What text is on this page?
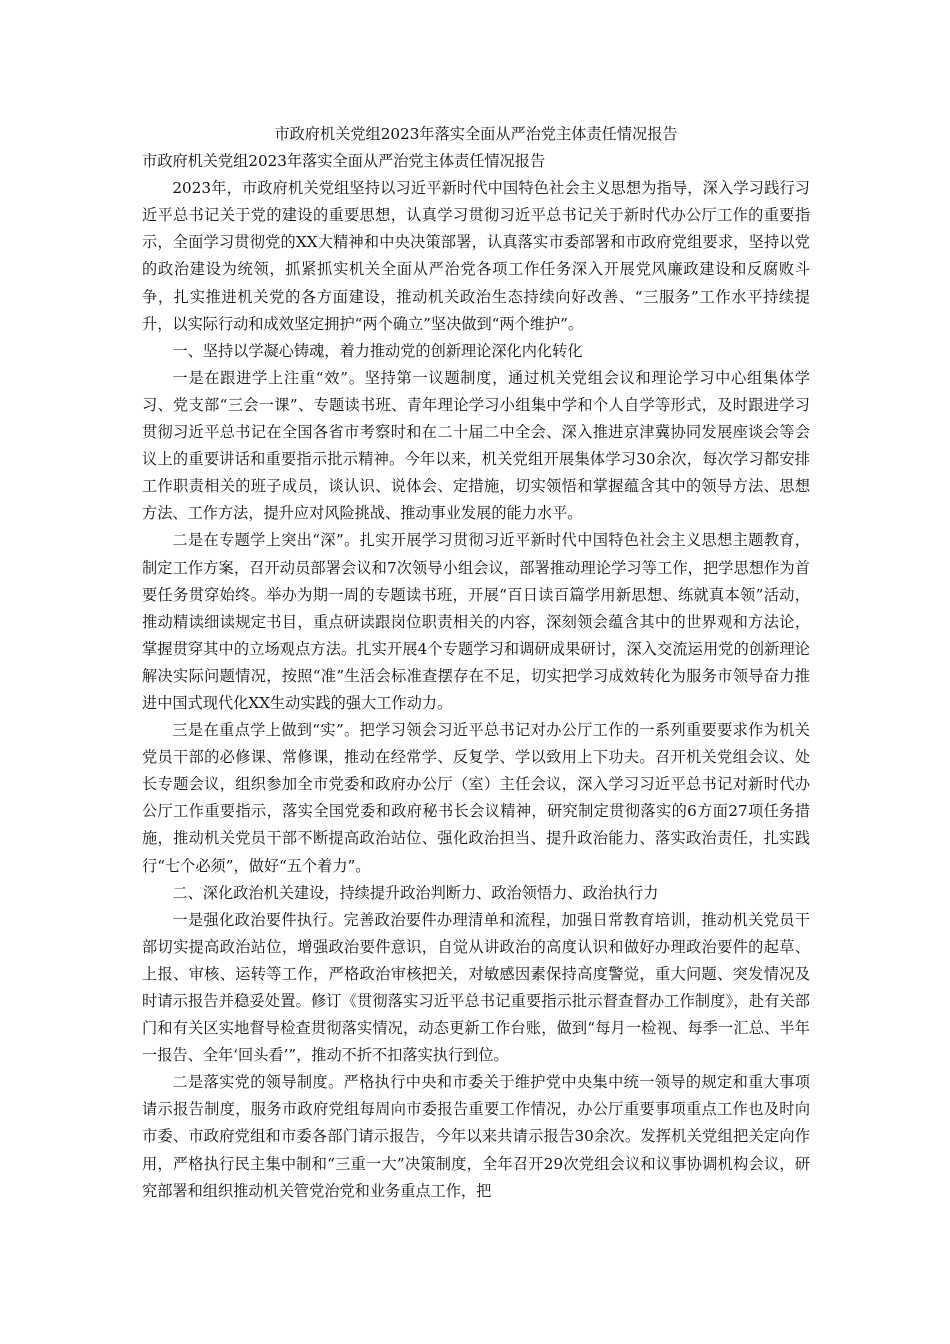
市政府机关党组2023年落实全面从严治党主体责任情况报告

市政府机关党组2023年落实全面从严治党主体责任情况报告

2023年，市政府机关党组坚持以习近平新时代中国特色社会主义思想为指导，深入学习践行习近平总书记关于党的建设的重要思想，认真学习贯彻习近平总书记关于新时代办公厅工作的重要指示，全面学习贯彻党的XX大精神和中央决策部署，认真落实市委部署和市政府党组要求，坚持以党的政治建设为统领，抓紧抓实机关全面从严治党各项工作任务深入开展党风廉政建设和反腐败斗争，扎实推进机关党的各方面建设，推动机关政治生态持续向好改善、“三服务”工作水平持续提升，以实际行动和成效坚定拥护“两个确立”坚决做到“两个维护”。

一、坚持以学凝心铸魂，着力推动党的创新理论深化内化转化

一是在跟进学上注重“效”。坚持第一议题制度，通过机关党组会议和理论学习中心组集体学习、党支部“三会一课”、专题读书班、青年理论学习小组集中学和个人自学等形式，及时跟进学习贯彻习近平总书记在全国各省市考察时和在二十届二中全会、深入推进京津冀协同发展座谈会等会议上的重要讲话和重要指示批示精神。今年以来，机关党组开展集体学习30余次，每次学习都安排工作职责相关的班子成员，谈认识、说体会、定措施，切实领悟和掌握蕴含其中的领导方法、思想方法、工作方法，提升应对风险挑战、推动事业发展的能力水平。

二是在专题学上突出“深”。扎实开展学习贯彻习近平新时代中国特色社会主义思想主题教育，制定工作方案，召开动员部署会议和7次领导小组会议，部署推动理论学习等工作，把学思想作为首要任务贯穿始终。举办为期一周的专题读书班，开展“百日读百篇学用新思想、练就真本领”活动，推动精读细读规定书目，重点研读跟岗位职责相关的内容，深刻领会蕴含其中的世界观和方法论，掌握贯穿其中的立场观点方法。扎实开展4个专题学习和调研成果研讨，深入交流运用党的创新理论解决实际问题情况，按照“准”生活会标准查摆存在不足，切实把学习成效转化为服务市领导奋力推进中国式现代化XX生动实践的强大工作动力。

三是在重点学上做到“实”。把学习领会习近平总书记对办公厅工作的一系列重要要求作为机关党员干部的必修课、常修课，推动在经常学、反复学、学以致用上下功夫。召开机关党组会议、处长专题会议，组织参加全市党委和政府办公厅（室）主任会议，深入学习习近平总书记对新时代办公厅工作重要指示，落实全国党委和政府秘书长会议精神，研究制定贯彻落实的6方面27项任务措施，推动机关党员干部不断提高政治站位、强化政治担当、提升政治能力、落实政治责任，扎实践行“七个必须”，做好“五个着力”。

二、深化政治机关建设，持续提升政治判断力、政治领悟力、政治执行力

一是强化政治要件执行。完善政治要件办理清单和流程，加强日常教育培训，推动机关党员干部切实提高政治站位，增强政治要件意识，自觉从讲政治的高度认识和做好办理政治要件的起草、上报、审核、运转等工作，严格政治审核把关，对敏感因素保持高度警觉，重大问题、突发情况及时请示报告并稳妥处置。修订《贯彻落实习近平总书记重要指示批示督查督办工作制度》，赴有关部门和有关区实地督导检查贯彻落实情况，动态更新工作台账，做到“每月一检视、每季一汇总、半年一报告、全年‘回头看’”，推动不折不扣落实执行到位。

二是落实党的领导制度。严格执行中央和市委关于维护党中央集中统一领导的规定和重大事项请示报告制度，服务市政府党组每周向市委报告重要工作情况，办公厅重要事项重点工作也及时向市委、市政府党组和市委各部门请示报告，今年以来共请示报告30余次。发挥机关党组把关定向作用，严格执行民主集中制和“三重一大”决策制度，全年召开29次党组会议和议事协调机构会议，研究部署和组织推动机关管党治党和业务重点工作，把
